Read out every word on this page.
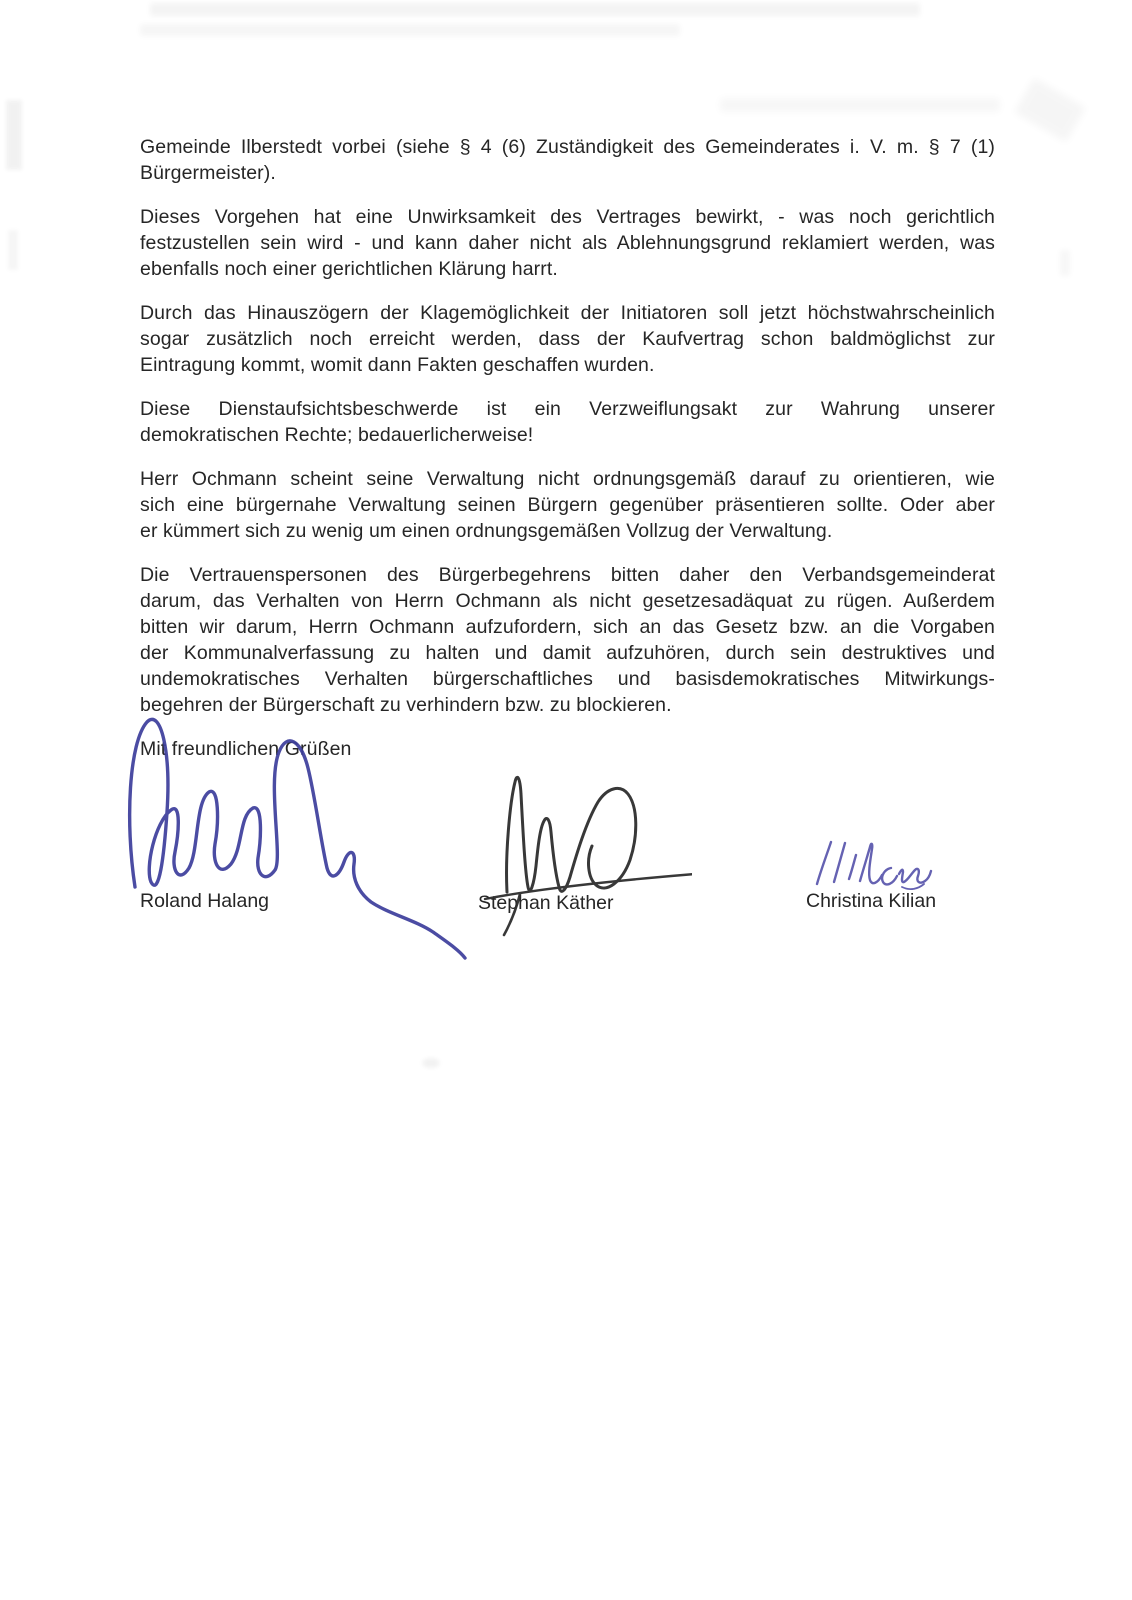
Gemeinde Ilberstedt vorbei (siehe § 4 (6) Zuständigkeit des Gemeinderates i. V. m. § 7 (1)
Bürgermeister).
Dieses Vorgehen hat eine Unwirksamkeit des Vertrages bewirkt, - was noch gerichtlich
festzustellen sein wird - und kann daher nicht als Ablehnungsgrund reklamiert werden, was
ebenfalls noch einer gerichtlichen Klärung harrt.
Durch das Hinauszögern der Klagemöglichkeit der Initiatoren soll jetzt höchstwahrscheinlich
sogar zusätzlich noch erreicht werden, dass der Kaufvertrag schon baldmöglichst zur
Eintragung kommt, womit dann Fakten geschaffen wurden.
Diese Dienstaufsichtsbeschwerde ist ein Verzweiflungsakt zur Wahrung unserer
demokratischen Rechte; bedauerlicherweise!
Herr Ochmann scheint seine Verwaltung nicht ordnungsgemäß darauf zu orientieren, wie
sich eine bürgernahe Verwaltung seinen Bürgern gegenüber präsentieren sollte. Oder aber
er kümmert sich zu wenig um einen ordnungsgemäßen Vollzug der Verwaltung.
Die Vertrauenspersonen des Bürgerbegehrens bitten daher den Verbandsgemeinderat
darum, das Verhalten von Herrn Ochmann als nicht gesetzesadäquat zu rügen. Außerdem
bitten wir darum, Herrn Ochmann aufzufordern, sich an das Gesetz bzw. an die Vorgaben
der Kommunalverfassung zu halten und damit aufzuhören, durch sein destruktives und
undemokratisches Verhalten bürgerschaftliches und basisdemokratisches Mitwirkungs-
begehren der Bürgerschaft zu verhindern bzw. zu blockieren.
Mit freundlichen Grüßen
Roland Halang	Stephan Käther	Christina Kilian
